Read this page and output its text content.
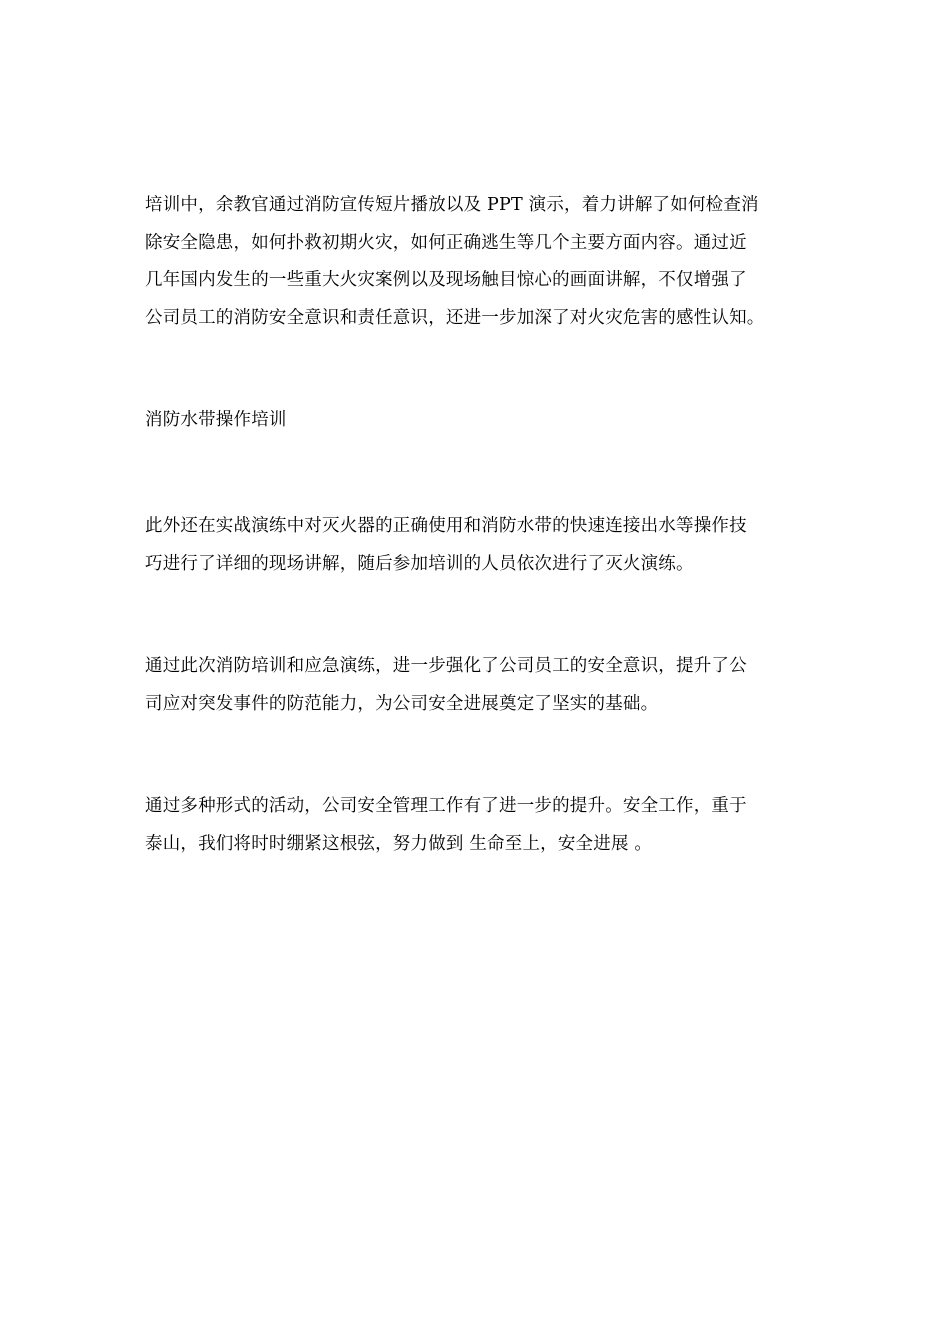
培训中，余教官通过消防宣传短片播放以及 PPT 演示，着力讲解了如何检查消
除安全隐患，如何扑救初期火灾，如何正确逃生等几个主要方面内容。通过近
几年国内发生的一些重大火灾案例以及现场触目惊心的画面讲解，不仅增强了
公司员工的消防安全意识和责任意识，还进一步加深了对火灾危害的感性认知。

消防水带操作培训

此外还在实战演练中对灭火器的正确使用和消防水带的快速连接出水等操作技
巧进行了详细的现场讲解，随后参加培训的人员依次进行了灭火演练。

通过此次消防培训和应急演练，进一步强化了公司员工的安全意识，提升了公
司应对突发事件的防范能力，为公司安全进展奠定了坚实的基础。

通过多种形式的活动，公司安全管理工作有了进一步的提升。安全工作，重于
泰山，我们将时时绷紧这根弦，努力做到 生命至上，安全进展 。
